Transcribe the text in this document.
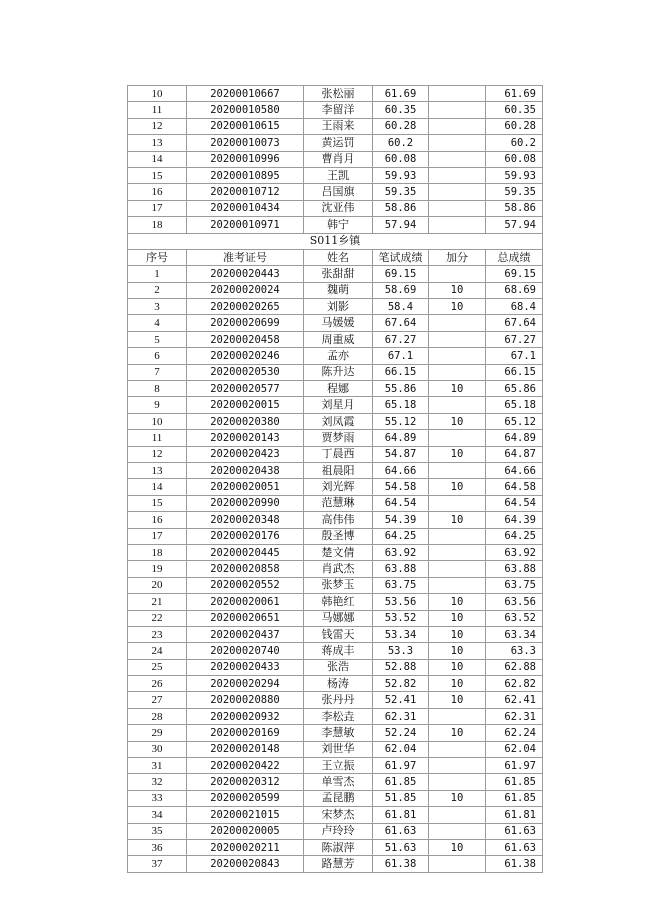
10	20200010667	张松丽	61.69		61.69
11	20200010580	李留洋	60.35		60.35
12	20200010615	王雨来	60.28		60.28
13	20200010073	黄运罚	60.2		60.2
14	20200010996	曹肖月	60.08		60.08
15	20200010895	王凯	59.93		59.93
16	20200010712	吕国旗	59.35		59.35
17	20200010434	沈亚伟	58.86		58.86
18	20200010971	韩宁	57.94		57.94
S011乡镇					
序号	准考证号	姓名	笔试成绩	加分	总成绩
1	20200020443	张甜甜	69.15		69.15
2	20200020024	魏萌	58.69	10	68.69
3	20200020265	刘影	58.4	10	68.4
4	20200020699	马媛媛	67.64		67.64
5	20200020458	周重威	67.27		67.27
6	20200020246	孟亦	67.1		67.1
7	20200020530	陈升达	66.15		66.15
8	20200020577	程娜	55.86	10	65.86
9	20200020015	刘星月	65.18		65.18
10	20200020380	刘凤霞	55.12	10	65.12
11	20200020143	贾梦雨	64.89		64.89
12	20200020423	丁晨西	54.87	10	64.87
13	20200020438	祖晨阳	64.66		64.66
14	20200020051	刘光辉	54.58	10	64.58
15	20200020990	范慧琳	64.54		64.54
16	20200020348	高伟伟	54.39	10	64.39
17	20200020176	殷圣博	64.25		64.25
18	20200020445	楚文倩	63.92		63.92
19	20200020858	肖武杰	63.88		63.88
20	20200020552	张梦玉	63.75		63.75
21	20200020061	韩艳红	53.56	10	63.56
22	20200020651	马娜娜	53.52	10	63.52
23	20200020437	钱雷天	53.34	10	63.34
24	20200020740	蒋成丰	53.3	10	63.3
25	20200020433	张浩	52.88	10	62.88
26	20200020294	杨涛	52.82	10	62.82
27	20200020880	张丹丹	52.41	10	62.41
28	20200020932	李松垚	62.31		62.31
29	20200020169	李慧敏	52.24	10	62.24
30	20200020148	刘世华	62.04		62.04
31	20200020422	王立振	61.97		61.97
32	20200020312	单雪杰	61.85		61.85
33	20200020599	孟昆鹏	51.85	10	61.85
34	20200021015	宋梦杰	61.81		61.81
35	20200020005	卢玲玲	61.63		61.63
36	20200020211	陈淑萍	51.63	10	61.63
37	20200020843	路慧芳	61.38		61.38
